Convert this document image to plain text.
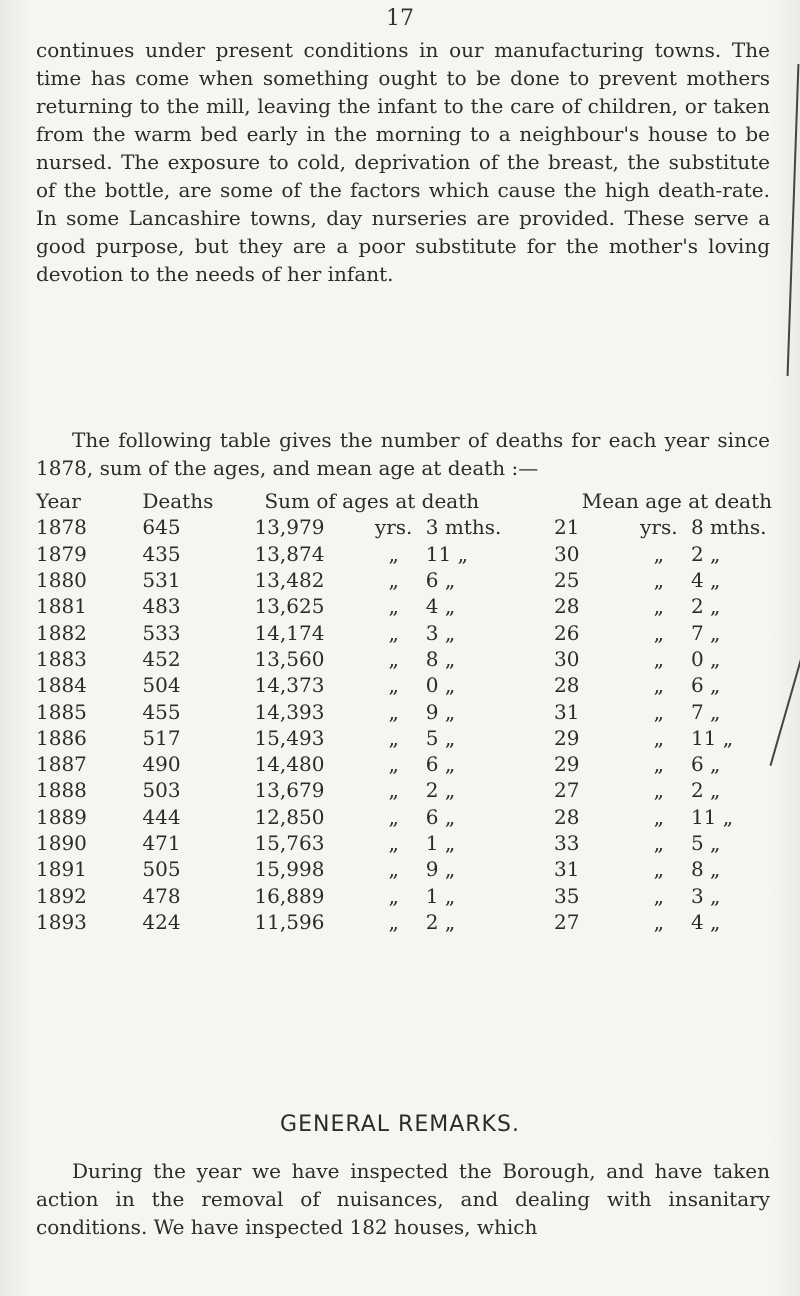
17

continues under present conditions in our manufacturing towns. The time has come when something ought to be done to prevent mothers returning to the mill, leaving the infant to the care of children, or taken from the warm bed early in the morning to a neighbour's house to be nursed. The exposure to cold, deprivation of the breast, the substitute of the bottle, are some of the factors which cause the high death-rate. In some Lancashire towns, day nurseries are provided. These serve a good purpose, but they are a poor substitute for the mother's loving devotion to the needs of her infant.

The following table gives the number of deaths for each year since 1878, sum of the ages, and mean age at death :—

Year	Deaths	Sum of ages at death			Mean age at death		
1878	645	13,979	yrs.	3 mths.	21	yrs.	8 mths.
1879	435	13,874	„	11 „	30	„	2 „
1880	531	13,482	„	6 „	25	„	4 „
1881	483	13,625	„	4 „	28	„	2 „
1882	533	14,174	„	3 „	26	„	7 „
1883	452	13,560	„	8 „	30	„	0 „
1884	504	14,373	„	0 „	28	„	6 „
1885	455	14,393	„	9 „	31	„	7 „
1886	517	15,493	„	5 „	29	„	11 „
1887	490	14,480	„	6 „	29	„	6 „
1888	503	13,679	„	2 „	27	„	2 „
1889	444	12,850	„	6 „	28	„	11 „
1890	471	15,763	„	1 „	33	„	5 „
1891	505	15,998	„	9 „	31	„	8 „
1892	478	16,889	„	1 „	35	„	3 „
1893	424	11,596	„	2 „	27	„	4 „
GENERAL REMARKS.

During the year we have inspected the Borough, and have taken action in the removal of nuisances, and dealing with insanitary conditions. We have inspected 182 houses, which
